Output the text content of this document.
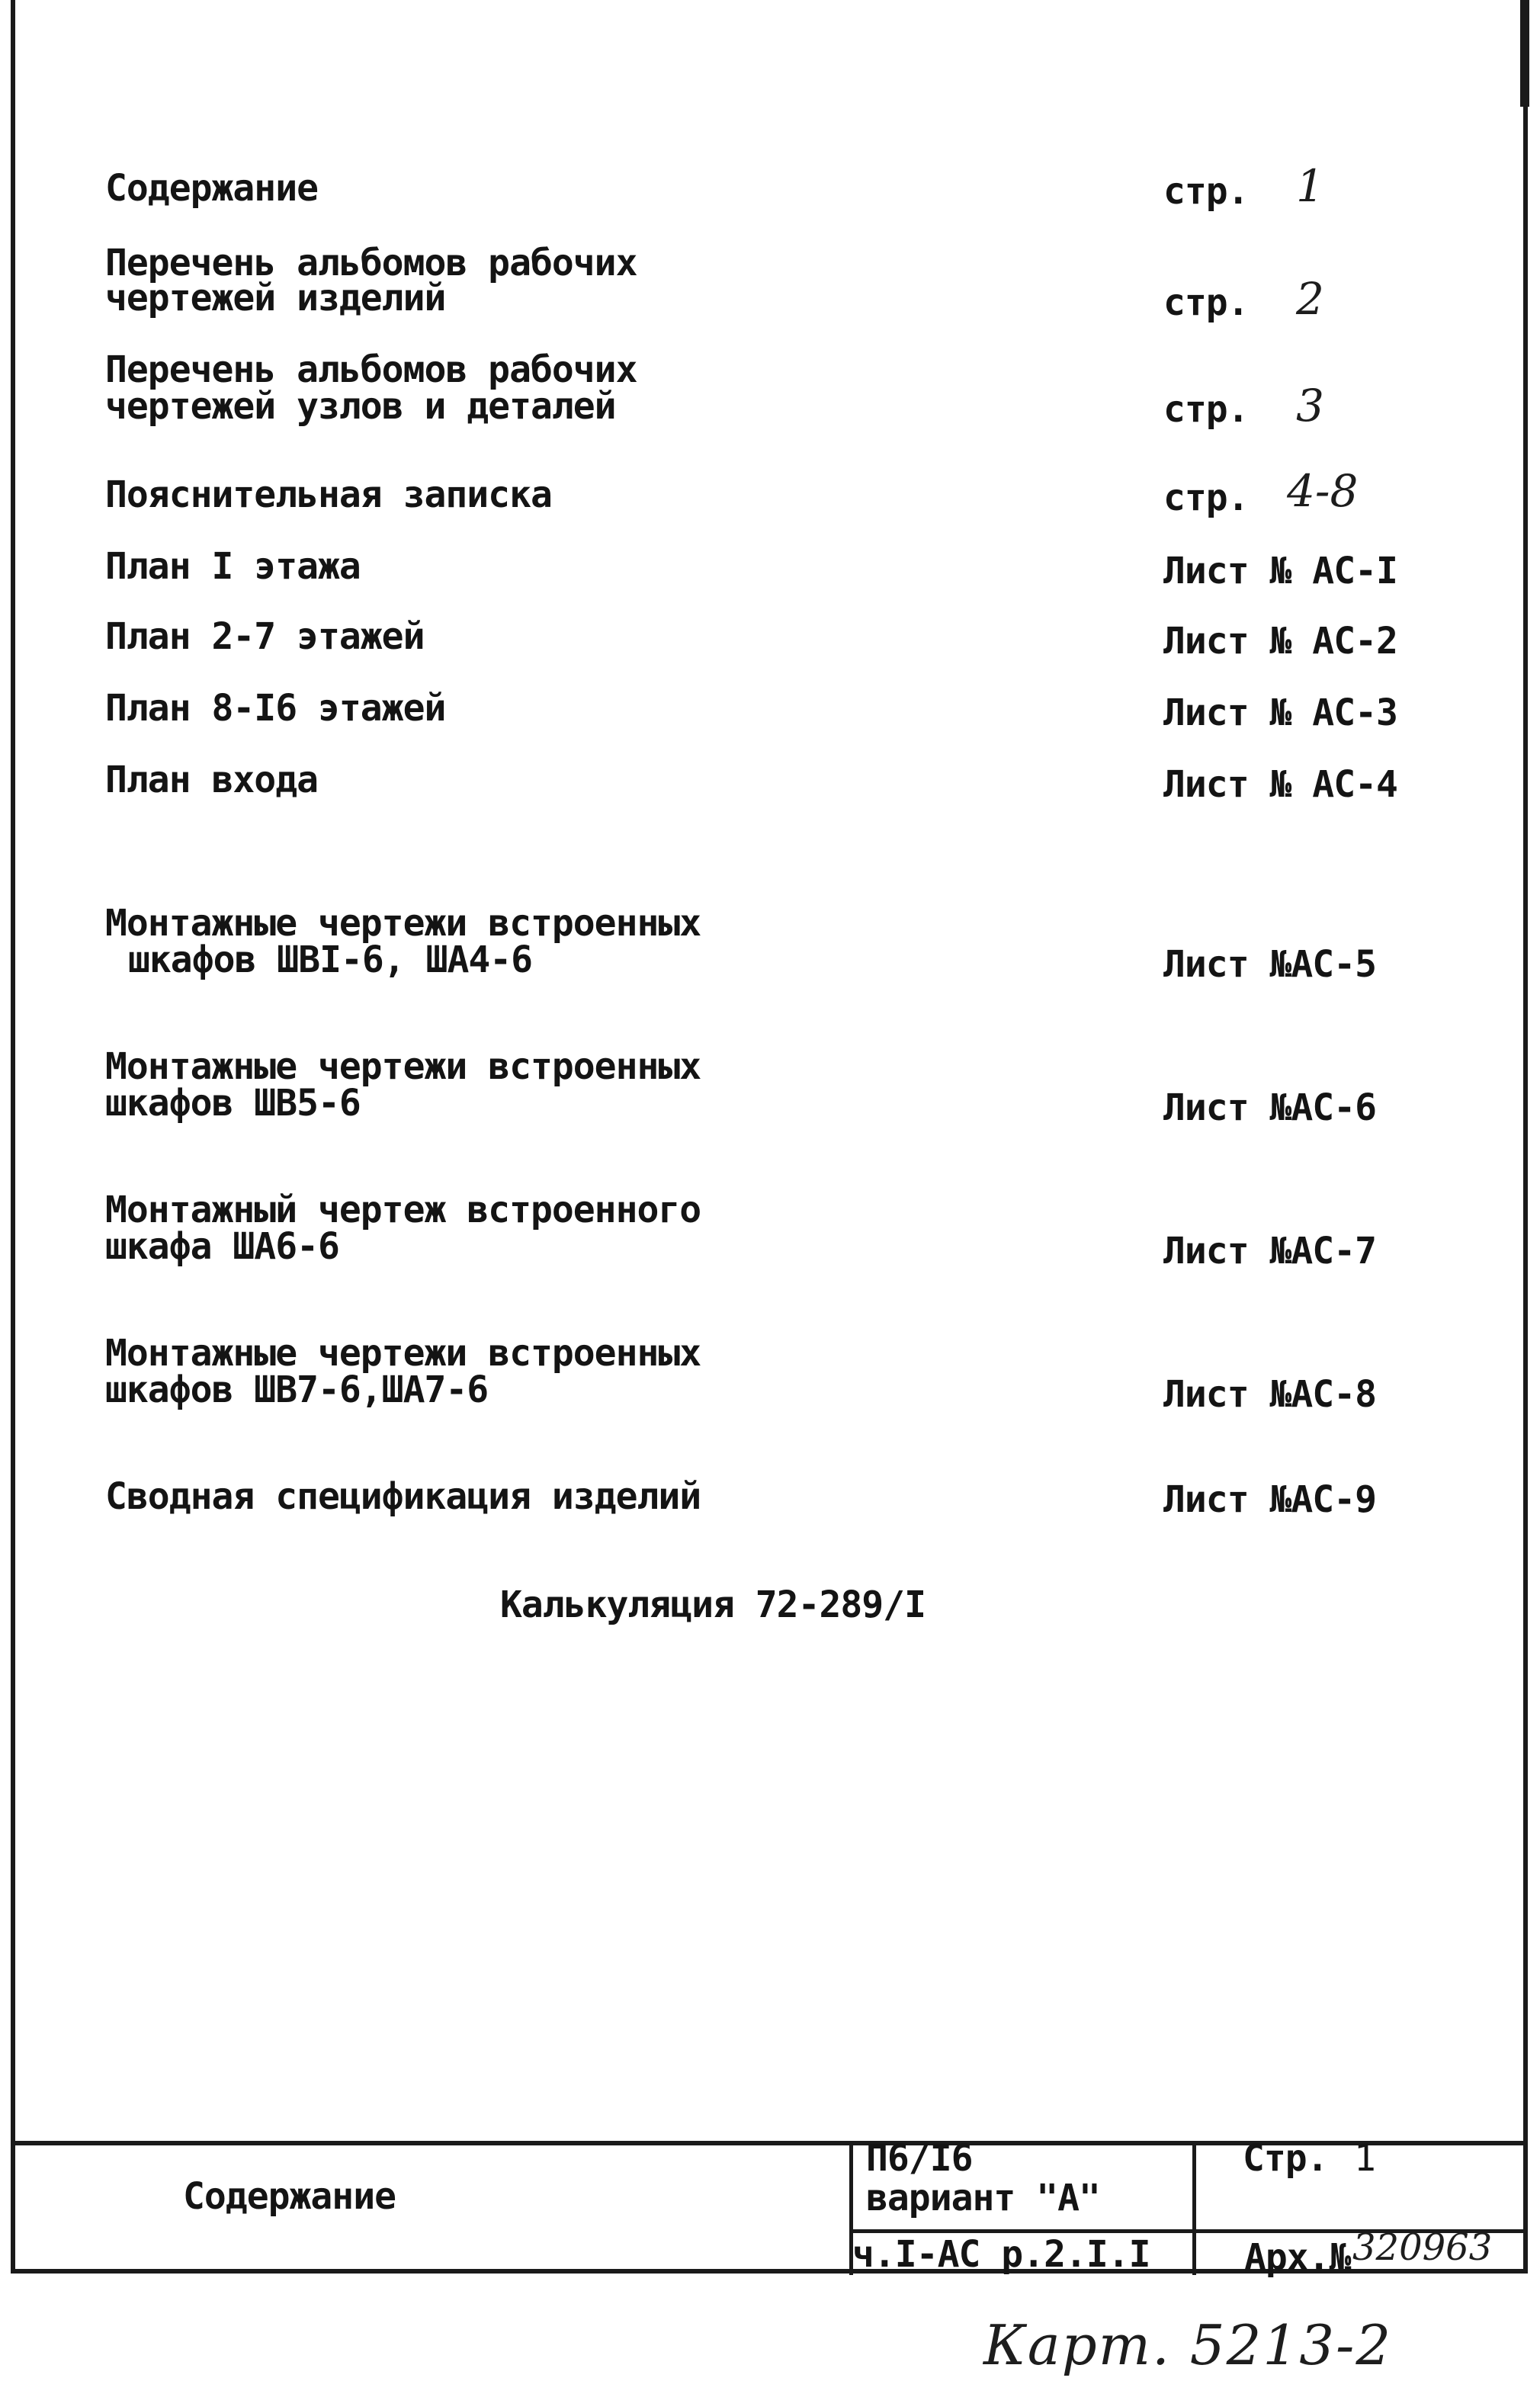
Содержание	стр. 1
Перечень альбомов рабочих
чертежей изделий	стр. 2
Перечень альбомов рабочих
чертежей узлов и деталей	стр. 3
Пояснительная записка	стр. 4-8
План I этажа	Лист № АС-I
План 2-7 этажей	Лист № АС-2
План 8-I6 этажей	Лист № АС-3
План входа	Лист № АС-4
Монтажные чертежи встроенных
шкафов ШВI-6, ША4-6	Лист №АС-5
Монтажные чертежи встроенных
шкафов ШВ5-6	Лист №АС-6
Монтажный чертеж встроенного
шкафа ША6-6	Лист №АС-7
Монтажные чертежи встроенных
шкафов ШВ7-6,ША7-6	Лист №АС-8
Сводная спецификация изделий	Лист №АС-9
Калькуляция 72-289/I
Содержание
П6/I6
вариант "А"
ч.I-АС р.2.I.I
Стр. 1
Арх.№ 320963
Карт. 5213-2
